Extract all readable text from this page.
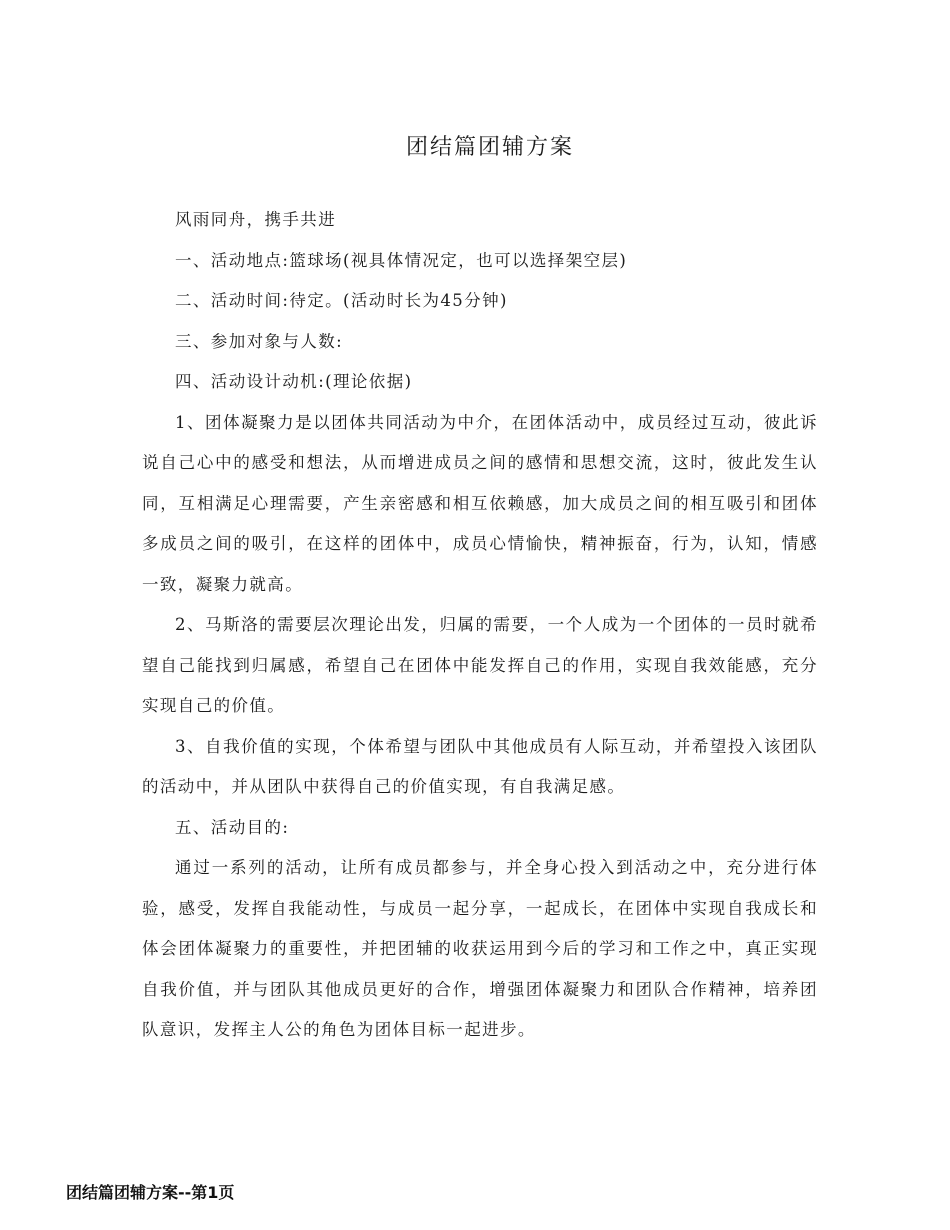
团结篇团辅方案

风雨同舟，携手共进

一、活动地点:篮球场(视具体情况定，也可以选择架空层)

二、活动时间:待定。(活动时长为45分钟)

三、参加对象与人数:

四、活动设计动机:(理论依据)

1、团体凝聚力是以团体共同活动为中介，在团体活动中，成员经过互动，彼此诉说自己心中的感受和想法，从而增进成员之间的感情和思想交流，这时，彼此发生认同，互相满足心理需要，产生亲密感和相互依赖感，加大成员之间的相互吸引和团体多成员之间的吸引，在这样的团体中，成员心情愉快，精神振奋，行为，认知，情感一致，凝聚力就高。

2、马斯洛的需要层次理论出发，归属的需要，一个人成为一个团体的一员时就希望自己能找到归属感，希望自己在团体中能发挥自己的作用，实现自我效能感，充分实现自己的价值。

3、自我价值的实现，个体希望与团队中其他成员有人际互动，并希望投入该团队的活动中，并从团队中获得自己的价值实现，有自我满足感。

五、活动目的:

通过一系列的活动，让所有成员都参与，并全身心投入到活动之中，充分进行体验，感受，发挥自我能动性，与成员一起分享，一起成长，在团体中实现自我成长和体会团体凝聚力的重要性，并把团辅的收获运用到今后的学习和工作之中，真正实现自我价值，并与团队其他成员更好的合作，增强团体凝聚力和团队合作精神，培养团队意识，发挥主人公的角色为团体目标一起进步。

团结篇团辅方案--第1页
